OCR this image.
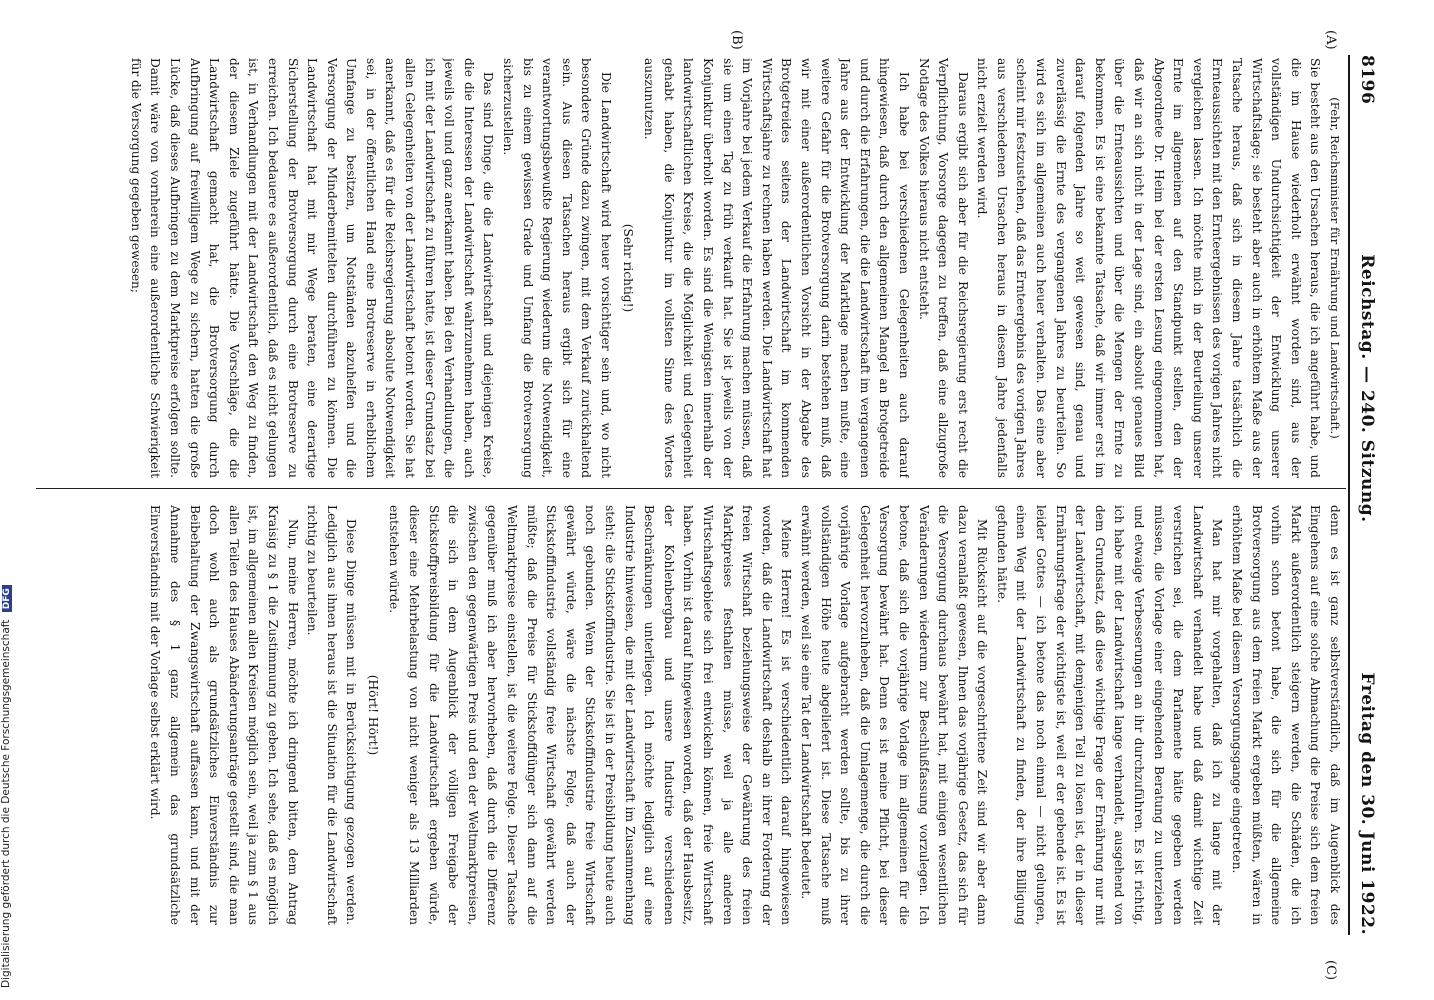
Digitalisierung gefördert durch die Deutsche Forschungsgemeinschaft DFG
8196
Reichstag. — 240. Sitzung.
Freitag den 30. Juni 1922.
(A)
(B)
(C)

(Fehr, Reichsminister für Ernährung und Landwirtschaft.)

Sie besteht aus den Ursachen heraus, die ich angeführt habe, und die im Hause wiederholt erwähnt worden sind, aus der vollständigen Undurchsichtigkeit der Entwicklung unserer Wirtschaftslage; sie besteht aber auch in erhöhtem Maße aus der Tatsache heraus, daß sich in diesem Jahre tatsächlich die Ernteaussichten mit den Ernteergebnissen des vorigen Jahres nicht vergleichen lassen. Ich möchte mich in der Beurteilung unserer Ernte im allgemeinen auf den Standpunkt stellen, den der Abgeordnete Dr. Heim bei der ersten Lesung eingenommen hat, daß wir an sich nicht in der Lage sind, ein absolut genaues Bild über die Ernteaussichten und über die Mengen der Ernte zu bekommen. Es ist eine bekannte Tatsache, daß wir immer erst im darauf folgenden Jahre so weit gewesen sind, genau und zuverlässig die Ernte des vergangenen Jahres zu beurteilen. So wird es sich im allgemeinen auch heuer verhalten. Das eine aber scheint mir festzustehen, daß das Ernteergebnis des vorigen Jahres aus verschiedenen Ursachen heraus in diesem Jahre jedenfalls nicht erzielt werden wird.

Daraus ergibt sich aber für die Reichsregierung erst recht die Verpflichtung, Vorsorge dagegen zu treffen, daß eine allzugroße Notlage des Volkes hieraus nicht entsteht.

Ich habe bei verschiedenen Gelegenheiten auch darauf hingewiesen, daß durch den allgemeinen Mangel an Brotgetreide und durch die Erfahrungen, die die Landwirtschaft im vergangenen Jahre aus der Entwicklung der Marktlage machen mußte, eine weitere Gefahr für die Brotversorgung darin bestehen muß, daß wir mit einer außerordentlichen Vorsicht in der Abgabe des Brotgetreides seitens der Landwirtschaft im kommenden Wirtschaftsjahre zu rechnen haben werden. Die Landwirtschaft hat im Vorjahre bei jedem Verkauf die Erfahrung machen müssen, daß sie um einen Tag zu früh verkauft hat. Sie ist jeweils von der Konjunktur überholt worden. Es sind die Wenigsten innerhalb der landwirtschaftlichen Kreise, die die Möglichkeit und Gelegenheit gehabt haben, die Konjunktur im vollsten Sinne des Wortes auszunutzen.

(Sehr richtig!)

Die Landwirtschaft wird heuer vorsichtiger sein und, wo nicht besondere Gründe dazu zwingen, mit dem Verkauf zurückhaltend sein. Aus diesen Tatsachen heraus ergibt sich für eine verantwortungsbewußte Regierung wiederum die Notwendigkeit, bis zu einem gewissen Grade und Umfang die Brotversorgung sicherzustellen.

Das sind Dinge, die die Landwirtschaft und diejenigen Kreise, die die Interessen der Landwirtschaft wahrzunehmen haben, auch jeweils voll und ganz anerkannt haben. Bei den Verhandlungen, die ich mit der Landwirtschaft zu führen hatte, ist dieser Grundsatz bei allen Gelegenheiten von der Landwirtschaft betont worden. Sie hat anerkannt, daß es für die Reichsregierung absolute Notwendigkeit sei, in der öffentlichen Hand eine Brotreserve in erheblichem Umfange zu besitzen, um Notständen abzuhelfen und die Versorgung der Minderbemittelten durchführen zu können. Die Landwirtschaft hat mit mir Wege beraten, eine derartige Sicherstellung der Brotversorgung durch eine Brotreserve zu erreichen. Ich bedauere es außerordentlich, daß es nicht gelungen ist, in Verhandlungen mit der Landwirtschaft den Weg zu finden, der diesem Ziele zugeführt hätte. Die Vorschläge, die die Landwirtschaft gemacht hat, die Brotversorgung durch Aufbringung auf freiwilligem Wege zu sichern, hatten die große Lücke, daß dieses Aufbringen zu dem Marktpreise erfolgen sollte. Damit wäre von vornherein eine außerordentliche Schwierigkeit für die Versorgung gegeben gewesen;

denn es ist ganz selbstverständlich, daß im Augenblick des Eingehens auf eine solche Abmachung die Preise sich dem freien Markt außerordentlich steigern werden, die Schäden, die ich vorhin schon betont habe, die sich für die allgemeine Brotversorgung aus dem freien Markt ergeben müßten, wären in erhöhtem Maße bei diesem Versorgungsgange eingetreten.

Man hat mir vorgehalten, daß ich zu lange mit der Landwirtschaft verhandelt habe und daß damit wichtige Zeit verstrichen sei, die dem Parlamente hätte gegeben werden müssen, die Vorlage einer eingehenden Beratung zu unterziehen und etwaige Verbesserungen an ihr durchzuführen. Es ist richtig, ich habe mit der Landwirtschaft lange verhandelt, ausgehend von dem Grundsatz, daß diese wichtige Frage der Ernährung nur mit der Landwirtschaft, mit demjenigen Teil zu lösen ist, der in dieser Ernährungsfrage der wichtigste ist, weil er der gebende ist. Es ist leider Gottes — ich betone das noch einmal — nicht gelungen, einen Weg mit der Landwirtschaft zu finden, der ihre Billigung gefunden hätte.

Mit Rücksicht auf die vorgeschrittene Zeit sind wir aber dann dazu veranlaßt gewesen, Ihnen das vorjährige Gesetz, das sich für die Versorgung durchaus bewährt hat, mit einigen wesentlichen Veränderungen wiederum zur Beschlußfassung vorzulegen. Ich betone, daß sich die vorjährige Vorlage im allgemeinen für die Versorgung bewährt hat. Denn es ist meine Pflicht, bei dieser Gelegenheit hervorzuheben, daß die Umlagemenge, die durch die vorjährige Vorlage aufgebracht werden sollte, bis zu ihrer vollständigen Höhe heute abgeliefert ist. Diese Tatsache muß erwähnt werden, weil sie eine Tat der Landwirtschaft bedeutet.

Meine Herren! Es ist verschiedentlich darauf hingewiesen worden, daß die Landwirtschaft deshalb an ihrer Forderung der freien Wirtschaft beziehungsweise der Gewährung des freien Marktpreises festhalten müsse, weil ja alle anderen Wirtschaftsgebiete sich frei entwickeln können, freie Wirtschaft haben. Vorhin ist darauf hingewiesen worden, daß der Hausbesitz, der Kohlenbergbau und unsere Industrie verschiedenen Beschränkungen unterliegen. Ich möchte lediglich auf eine Industrie hinweisen, die mit der Landwirtschaft im Zusammenhang steht: die Stickstoffindustrie. Sie ist in der Preisbildung heute auch noch gebunden. Wenn der Stickstoffindustrie freie Wirtschaft gewährt würde, wäre die nächste Folge, daß auch der Stickstoffindustrie vollständig freie Wirtschaft gewährt werden müßte; daß die Preise für Stickstoffdünger sich dann auf die Weltmarktpreise einstellen, ist die weitere Folge. Dieser Tatsache gegenüber muß ich aber hervorheben, daß durch die Differenz zwischen den gegenwärtigen Preis und den der Weltmarktpreisen, die sich in dem Augenblick der völligen Freigabe der Stickstoffpreisbildung für die Landwirtschaft ergeben würde, dieser eine Mehrbelastung von nicht weniger als 13 Milliarden entstehen würde.

(Hört! Hört!)

Diese Dinge müssen mit in Berücksichtigung gezogen werden. Lediglich aus ihnen heraus ist die Situation für die Landwirtschaft richtig zu beurteilen.

Nun, meine Herren, möchte ich dringend bitten, dem Antrag Kraisig zu § 1 die Zustimmung zu geben. Ich sehe, daß es möglich ist, im allgemeinen allen Kreisen möglich sein, weil ja zum § 1 aus allen Teilen des Hauses Abänderungsanträge gestellt sind, die man doch wohl auch als grundsätzliches Einverständnis zur Beibehaltung der Zwangswirtschaft auffassen kann, und mit der Annahme des § 1 ganz allgemein das grundsätzliche Einverständnis mit der Vorlage selbst erklärt wird.
